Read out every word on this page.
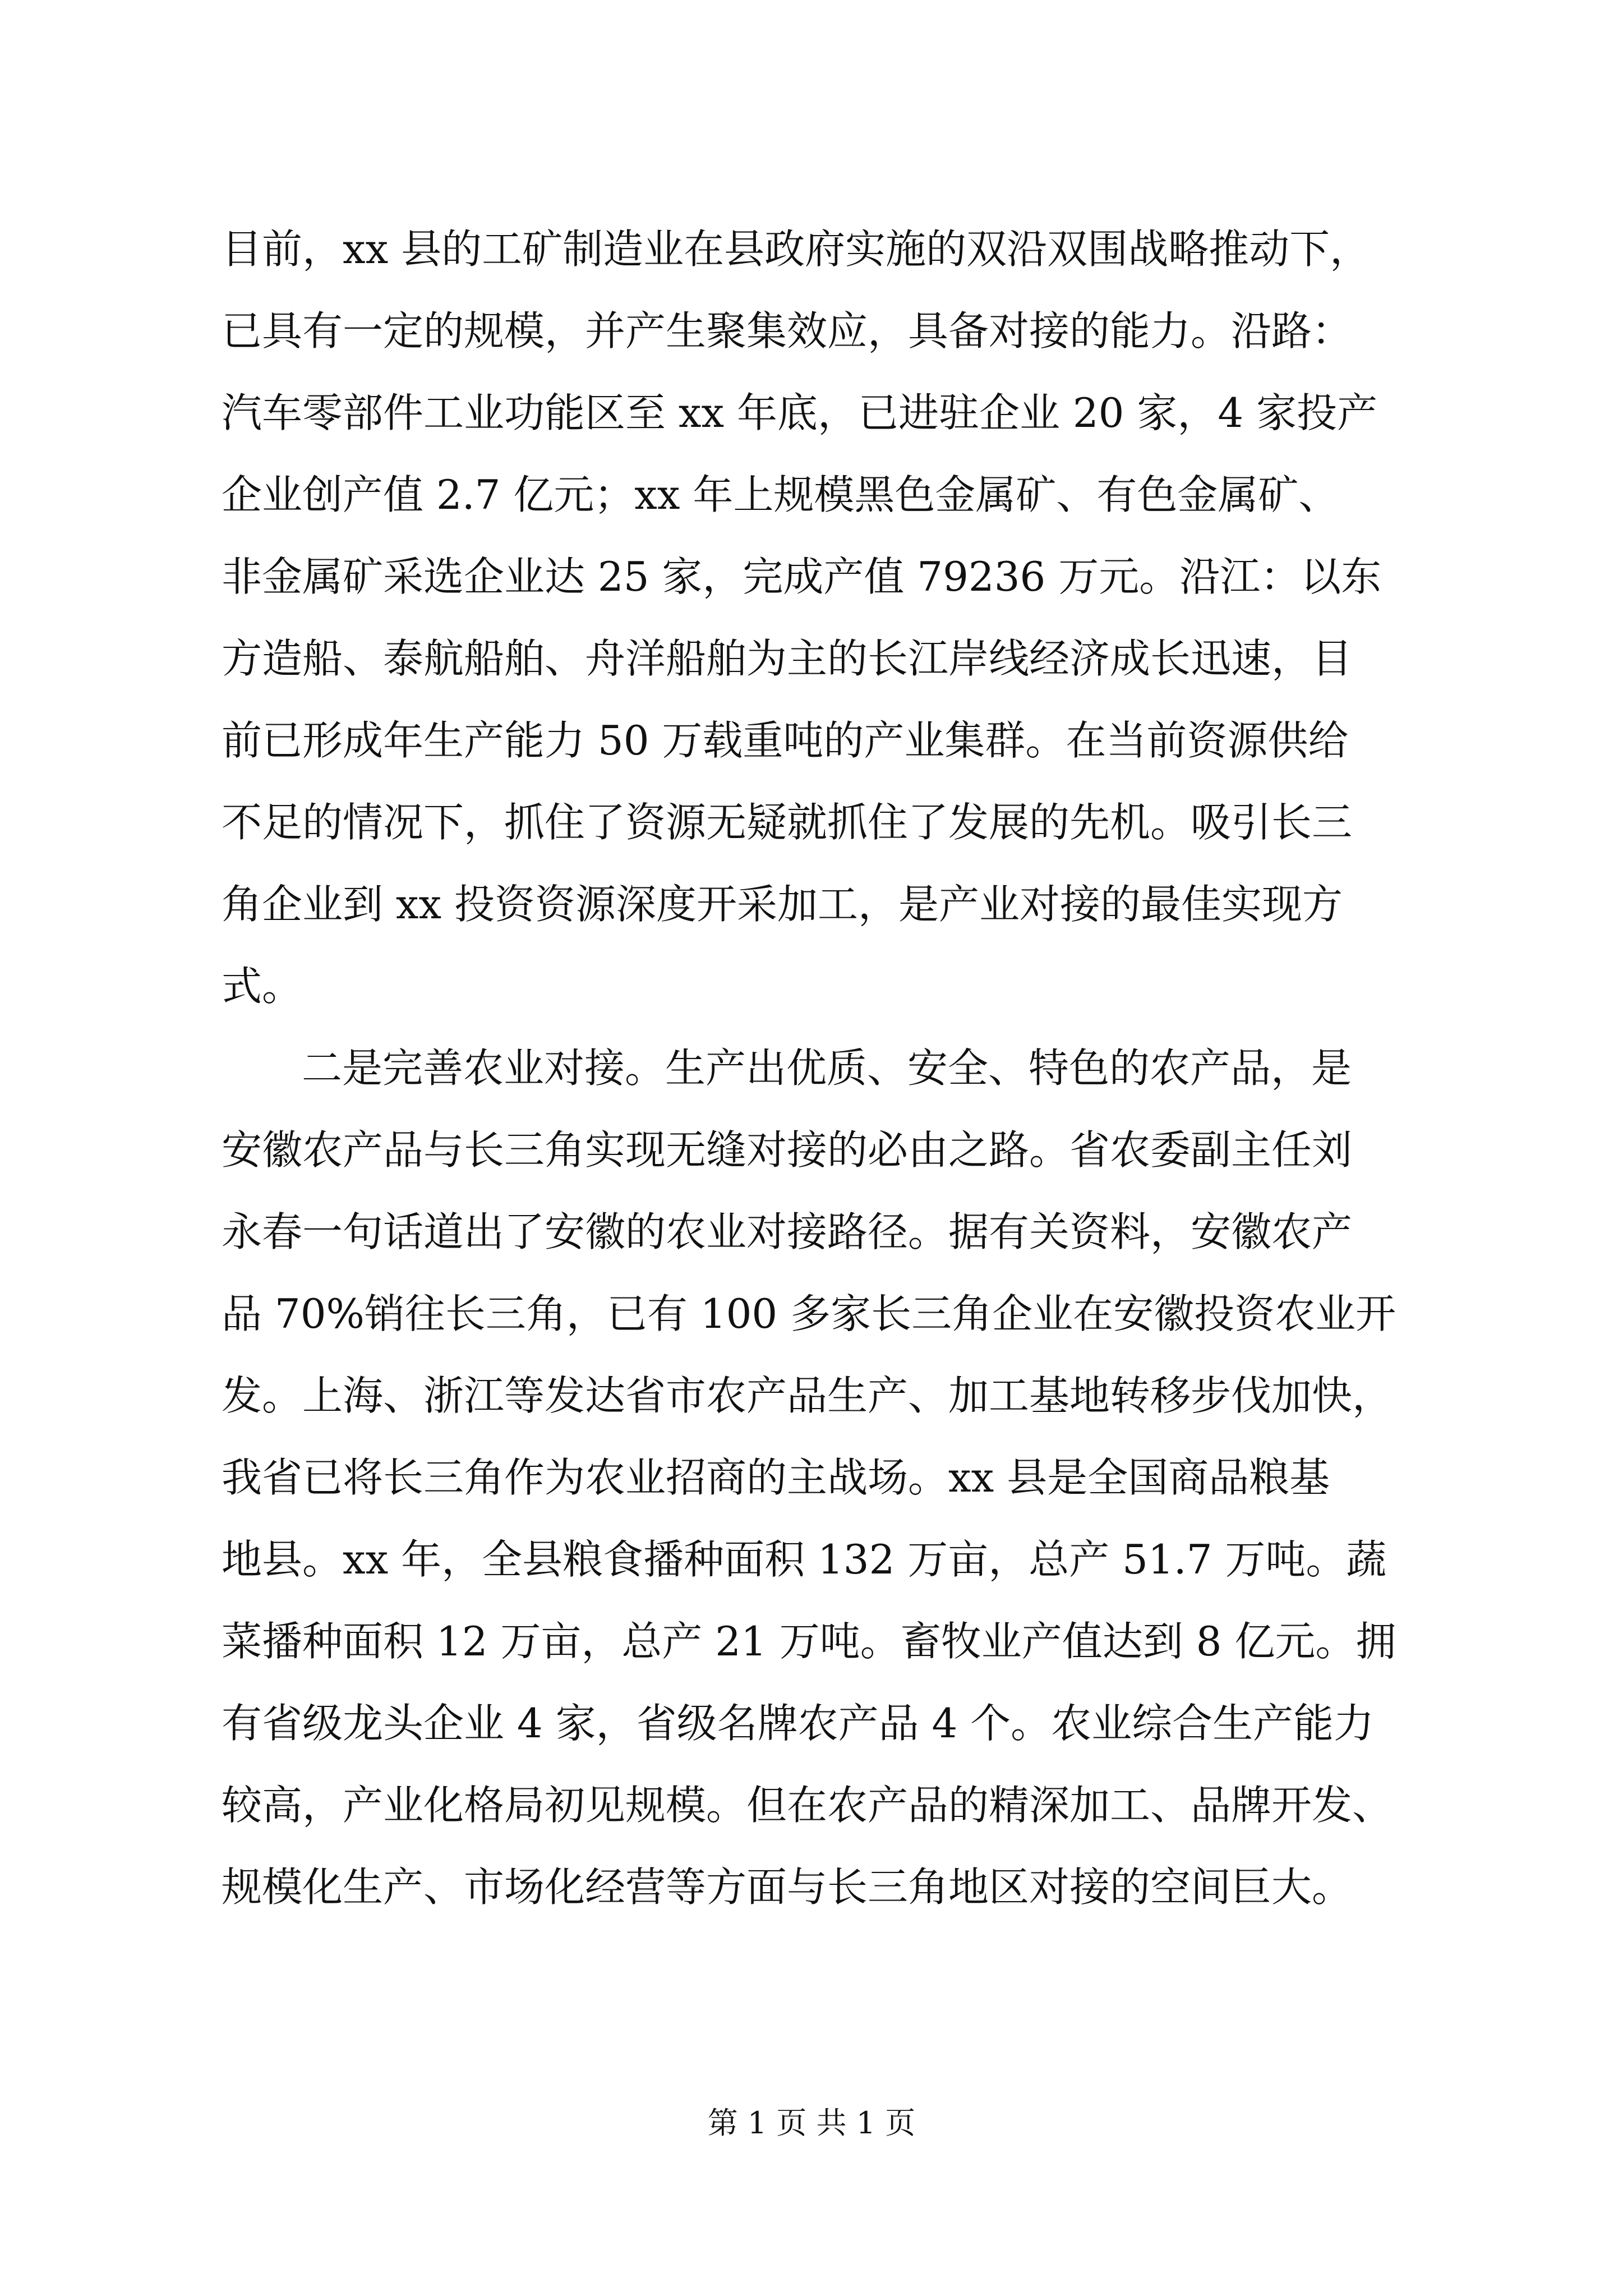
目前，xx 县的工矿制造业在县政府实施的双沿双围战略推动下，
已具有一定的规模，并产生聚集效应，具备对接的能力。沿路：
汽车零部件工业功能区至 xx 年底，已进驻企业 20 家，4 家投产
企业创产值 2.7 亿元；xx 年上规模黑色金属矿、有色金属矿、
非金属矿采选企业达 25 家，完成产值 79236 万元。沿江：以东
方造船、泰航船舶、舟洋船舶为主的长江岸线经济成长迅速，目
前已形成年生产能力 50 万载重吨的产业集群。在当前资源供给
不足的情况下，抓住了资源无疑就抓住了发展的先机。吸引长三
角企业到 xx 投资资源深度开采加工，是产业对接的最佳实现方
式。
二是完善农业对接。生产出优质、安全、特色的农产品，是
安徽农产品与长三角实现无缝对接的必由之路。省农委副主任刘
永春一句话道出了安徽的农业对接路径。据有关资料，安徽农产
品 70%销往长三角，已有 100 多家长三角企业在安徽投资农业开
发。上海、浙江等发达省市农产品生产、加工基地转移步伐加快，
我省已将长三角作为农业招商的主战场。xx 县是全国商品粮基
地县。xx 年，全县粮食播种面积 132 万亩，总产 51.7 万吨。蔬
菜播种面积 12 万亩，总产 21 万吨。畜牧业产值达到 8 亿元。拥
有省级龙头企业 4 家，省级名牌农产品 4 个。农业综合生产能力
较高，产业化格局初见规模。但在农产品的精深加工、品牌开发、
规模化生产、市场化经营等方面与长三角地区对接的空间巨大。
第 1 页 共 1 页
